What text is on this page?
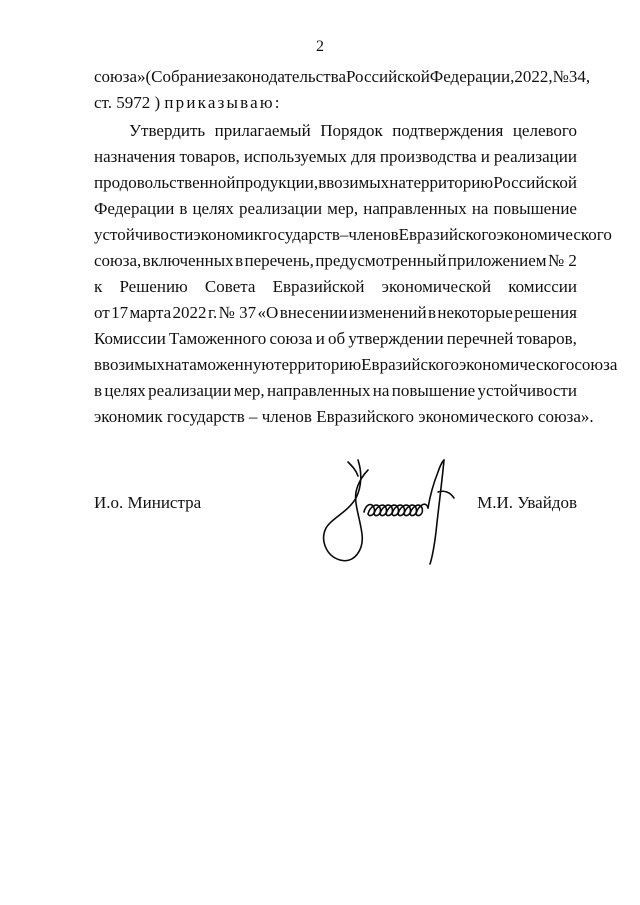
2
союза» (Собрание законодательства Российской Федерации, 2022, № 34,
ст. 5972 ) приказываю:
Утвердить прилагаемый Порядок подтверждения целевого
назначения товаров, используемых для производства и реализации
продовольственной продукции, ввозимых на территорию Российской
Федерации в целях реализации мер, направленных на повышение
устойчивости экономик государств – членов Евразийского экономического
союза, включенных в перечень, предусмотренный приложением № 2
к Решению Совета Евразийской экономической комиссии
от 17 марта 2022 г. № 37 «О внесении изменений в некоторые решения
Комиссии Таможенного союза и об утверждении перечней товаров,
ввозимых на таможенную территорию Евразийского экономического союза
в целях реализации мер, направленных на повышение устойчивости
экономик государств – членов Евразийского экономического союза».
И.о. Министра	М.И. Увайдов
